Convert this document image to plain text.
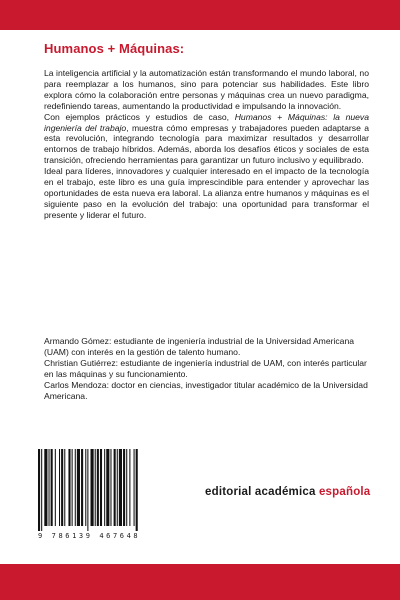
Humanos + Máquinas:

La inteligencia artificial y la automatización están transformando el mundo laboral, no para reemplazar a los humanos, sino para potenciar sus habilidades. Este libro explora cómo la colaboración entre personas y máquinas crea un nuevo paradigma, redefiniendo tareas, aumentando la productividad e impulsando la innovación.

Con ejemplos prácticos y estudios de caso, Humanos + Máquinas: la nueva ingeniería del trabajo, muestra cómo empresas y trabajadores pueden adaptarse a esta revolución, integrando tecnología para maximizar resultados y desarrollar entornos de trabajo híbridos. Además, aborda los desafíos éticos y sociales de esta transición, ofreciendo herramientas para garantizar un futuro inclusivo y equilibrado.

Ideal para líderes, innovadores y cualquier interesado en el impacto de la tecnología en el trabajo, este libro es una guía imprescindible para entender y aprovechar las oportunidades de esta nueva era laboral. La alianza entre humanos y máquinas es el siguiente paso en la evolución del trabajo: una oportunidad para transformar el presente y liderar el futuro.

Armando Gómez: estudiante de ingeniería industrial de la Universidad Americana (UAM) con interés en la gestión de talento humano.

Christian Gutiérrez: estudiante de ingeniería industrial de UAM, con interés particular en las máquinas y su funcionamiento.

Carlos Mendoza: doctor en ciencias, investigador titular académico de la Universidad Americana.

9 786139 467648
editorial académica española
